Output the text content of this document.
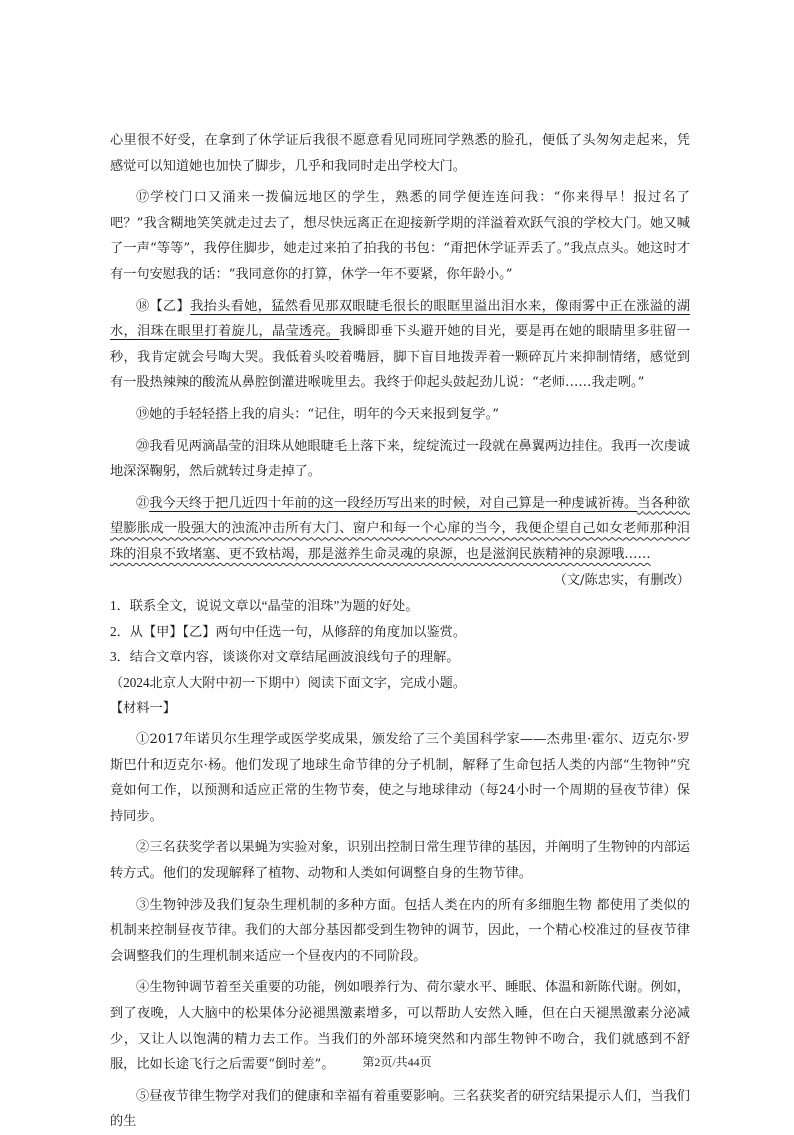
心里很不好受，在拿到了休学证后我很不愿意看见同班同学熟悉的脸孔，便低了头匆匆走起来，凭感觉可以知道她也加快了脚步，几乎和我同时走出学校大门。

⑰学校门口又涌来一拨偏远地区的学生，熟悉的同学便连连问我：“你来得早！报过名了吧？”我含糊地笑笑就走过去了，想尽快远离正在迎接新学期的洋溢着欢跃气浪的学校大门。她又喊了一声“等等”，我停住脚步，她走过来拍了拍我的书包：“甭把休学证弄丢了。”我点点头。她这时才有一句安慰我的话：“我同意你的打算，休学一年不要紧，你年龄小。”

⑱【乙】我抬头看她，猛然看见那双眼睫毛很长的眼眶里溢出泪水来，像雨雾中正在涨溢的湖水，泪珠在眼里打着旋儿，晶莹透亮。我瞬即垂下头避开她的目光，要是再在她的眼睛里多驻留一秒，我肯定就会号啕大哭。我低着头咬着嘴唇，脚下盲目地拨弄着一颗碎瓦片来抑制情绪，感觉到有一股热辣辣的酸流从鼻腔倒灌进喉咙里去。我终于仰起头鼓起劲儿说：“老师……我走咧。”

⑲她的手轻轻搭上我的肩头：“记住，明年的今天来报到复学。”

⑳我看见两滴晶莹的泪珠从她眼睫毛上落下来，绽绽流过一段就在鼻翼两边挂住。我再一次虔诚地深深鞠躬，然后就转过身走掉了。

㉑我今天终于把几近四十年前的这一段经历写出来的时候，对自己算是一种虔诚祈祷。当各种欲望膨胀成一股强大的浊流冲击所有大门、窗户和每一个心扉的当今，我便企望自己如女老师那种泪珠的泪泉不致堵塞、更不致枯竭，那是滋养生命灵魂的泉源，也是滋润民族精神的泉源哦……

（文/陈忠实，有删改）

1．联系全文，说说文章以“晶莹的泪珠”为题的好处。

2．从【甲】【乙】两句中任选一句，从修辞的角度加以鉴赏。

3．结合文章内容，谈谈你对文章结尾画波浪线句子的理解。

（2024北京人大附中初一下期中）阅读下面文字，完成小题。

【材料一】

①2017年诺贝尔生理学或医学奖成果，颁发给了三个美国科学家——杰弗里·霍尔、迈克尔·罗斯巴什和迈克尔·杨。他们发现了地球生命节律的分子机制，解释了生命包括人类的内部“生物钟”究竟如何工作，以预测和适应正常的生物节奏，使之与地球律动（每24小时一个周期的昼夜节律）保持同步。

②三名获奖学者以果蝇为实验对象，识别出控制日常生理节律的基因，并阐明了生物钟的内部运转方式。他们的发现解释了植物、动物和人类如何调整自身的生物节律。

③生物钟涉及我们复杂生理机制的多种方面。包括人类在内的所有多细胞生物 都使用了类似的机制来控制昼夜节律。我们的大部分基因都受到生物钟的调节，因此，一个精心校准过的昼夜节律会调整我们的生理机制来适应一个昼夜内的不同阶段。

④生物钟调节着至关重要的功能，例如喂养行为、荷尔蒙水平、睡眠、体温和新陈代谢。例如，到了夜晚，人大脑中的松果体分泌褪黑激素增多，可以帮助人安然入睡，但在白天褪黑激素分泌减少，又让人以饱满的精力去工作。当我们的外部环境突然和内部生物钟不吻合，我们就感到不舒服，比如长途飞行之后需要“倒时差”。

⑤昼夜节律生物学对我们的健康和幸福有着重要影响。三名获奖者的研究结果提示人们，当我们的生

第2页/共44页
